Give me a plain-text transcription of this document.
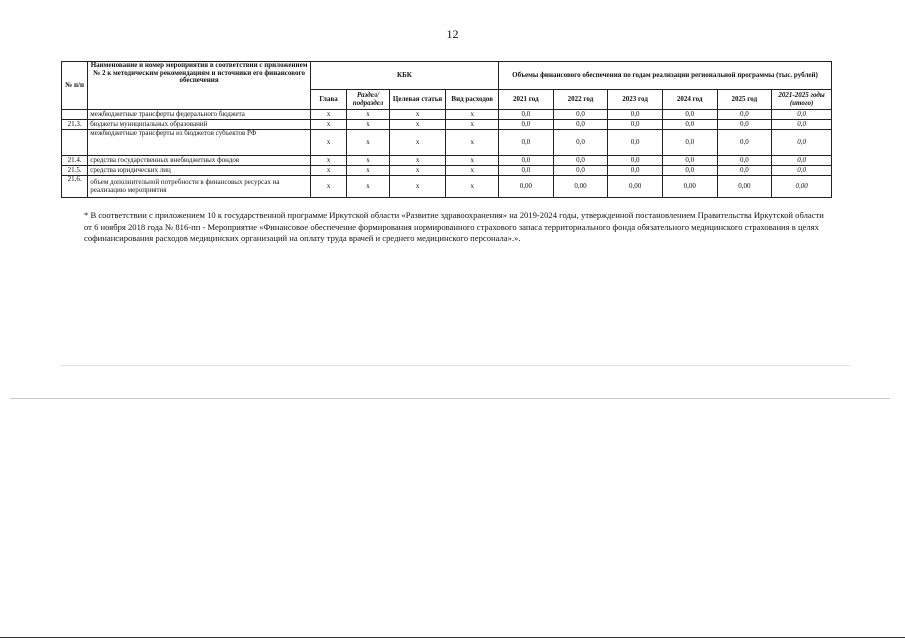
12
№ п/п	Наименование и номер мероприятия в соответствии с приложением № 2 к методическим рекомендациям и источники его финансового обеспечения	КБК				Объемы финансового обеспечения по годам реализации региональной программы (тыс. рублей)					
		Глава	Раздел/ подраздел	Целевая статья	Вид расходов	2021 год	2022 год	2023 год	2024 год	2025 год	2021-2025 годы (итого)
	межбюджетные трансферты федерального бюджета	х	х	х	х	0,0	0,0	0,0	0,0	0,0	0,0
21.3.	бюджеты муниципальных образований	х	х	х	х	0,0	0,0	0,0	0,0	0,0	0,0
	межбюджетные трансферты из бюджетов субъектов РФ	х	х	х	х	0,0	0,0	0,0	0,0	0,0	0,0
21.4.	средства государственных внебюджетных фондов	х	х	х	х	0,0	0,0	0,0	0,0	0,0	0,0
21.5.	средства юридических лиц	х	х	х	х	0,0	0,0	0,0	0,0	0,0	0,0
21.6.	объем дополнительной потребности в финансовых ресурсах на реализацию мероприятия	х	х	х	х	0,00	0,00	0,00	0,00	0,00	0,00
* В соответствии с приложением 10 к государственной программе Иркутской области «Развитие здравоохранения» на 2019-2024 годы, утвержденной постановлением Правительства Иркутской области от 6 ноября 2018 года № 816-пп - Мероприятие «Финансовое обеспечение формирования нормированного страхового запаса территориального фонда обязательного медицинского страхования в целях софинансирования расходов медицинских организаций на оплату труда врачей и среднего медицинского персонала».».
